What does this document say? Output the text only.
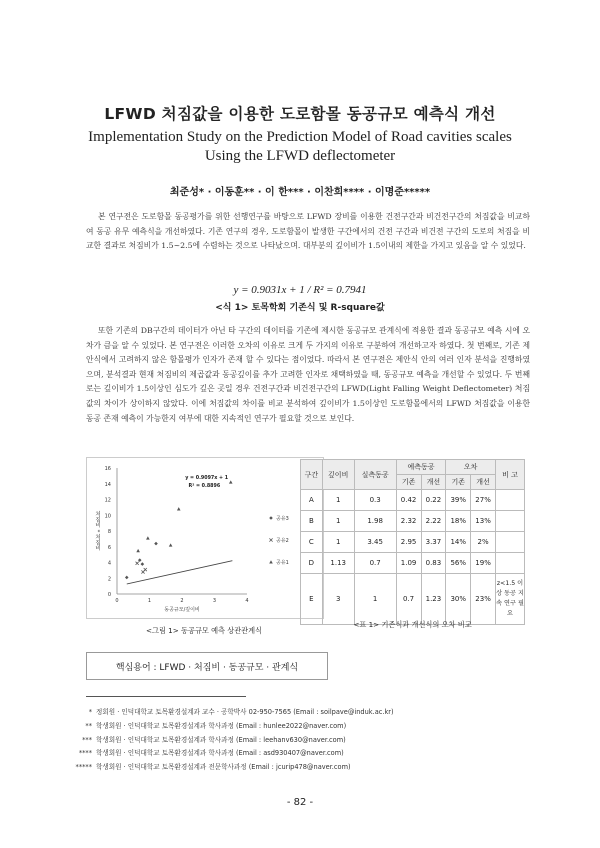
LFWD 처짐값을 이용한 도로함몰 동공규모 예측식 개선
Implementation Study on the Prediction Model of Road cavities scales
Using the LFWD deflectometer
최준성* · 이동훈** · 이 한*** · 이찬희**** · 이명준*****

본 연구전은 도로함몰 동공평가를 위한 선행연구를 바탕으로 LFWD 장비를 이용한 건전구간과 비건전구간의 처짐값을 비교하여 동공 유무 예측식을 개선하였다. 기존 연구의 경우, 도로함몰이 발생한 구간에서의 건전 구간과 비건전 구간의 도로의 처짐을 비교한 결과로 처짐비가 1.5~2.5에 수렴하는 것으로 나타났으며. 대부분의 깊이비가 1.5이내의 제한을 가지고 있음을 알 수 있었다.

y = 0.9031x + 1 / R² = 0.7941
<식 1> 토목학회 기존식 및 R-square값

또한 기존의 DB구간의 데이터가 아닌 타 구간의 데이터를 기존에 제시한 동공규모 관계식에 적용한 결과 동공규모 예측 시에 오차가 큼을 알 수 있었다. 본 연구전은 이러한 오차의 이유로 크게 두 가지의 이유로 구분하여 개선하고자 하였다. 첫 번째로, 기존 제안식에서 고려하지 않은 함몰평가 인자가 존재 할 수 있다는 점이었다. 따라서 본 연구전은 제안식 안의 여러 인자 분석을 진행하였으며, 분석결과 현재 처짐비의 제곱값과 동공깊이를 추가 고려한 인자로 채택하였을 때, 동공규모 예측을 개선할 수 있었다. 두 번째로는 깊이비가 1.5이상인 심도가 깊은 곳일 경우 건전구간과 비건전구간의 LFWD(Light Falling Weight Deflectometer) 처짐 값의 차이가 상이하지 않았다. 이에 처짐값의 차이를 비교 분석하여 깊이비가 1.5이상인 도로함몰에서의 LFWD 처짐값을 이용한 동공 존재 예측이 가능한지 여부에 대한 지속적인 연구가 필요할 것으로 보인다.

0
2
4
6
8
10
12
14
16
0	1	2	3	4
동공규모/깊이비
처짐비 * 처짐비
y = 0.9097x + 1
R² = 0.8896
공유3
공유2
공유1
구간	깊이비	실측동공	예측동공		오차		비 고
			기존	개선	기존	개선	
A	1	0.3	0.42	0.22	39%	27%	
B	1	1.98	2.32	2.22	18%	13%	
C	1	3.45	2.95	3.37	14%	2%	
D	1.13	0.7	1.09	0.83	56%	19%	
E	3	1	0.7	1.23	30%	23%	z<1.5 이상 동공 지속 연구 필요
<그림 1> 동공규모 예측 상관관계식
<표 1> 기존식과 개선식의 오차 비교
핵심용어 : LFWD · 처짐비 · 동공규모 · 관계식
* 정회원 · 인덕대학교 토목환경설계과 교수 · 공학박사 02-950-7565 (Email : soilpave@induk.ac.kr)
** 학생회원 · 인덕대학교 토목환경설계과 학사과정 (Email : hunlee2022@naver.com)
*** 학생회원 · 인덕대학교 토목환경설계과 학사과정 (Email : leehanv630@naver.com)
**** 학생회원 · 인덕대학교 토목환경설계과 학사과정 (Email : asd930407@naver.com)
***** 학생회원 · 인덕대학교 토목환경설계과 전문학사과정 (Email : jcurip478@naver.com)
- 82 -
